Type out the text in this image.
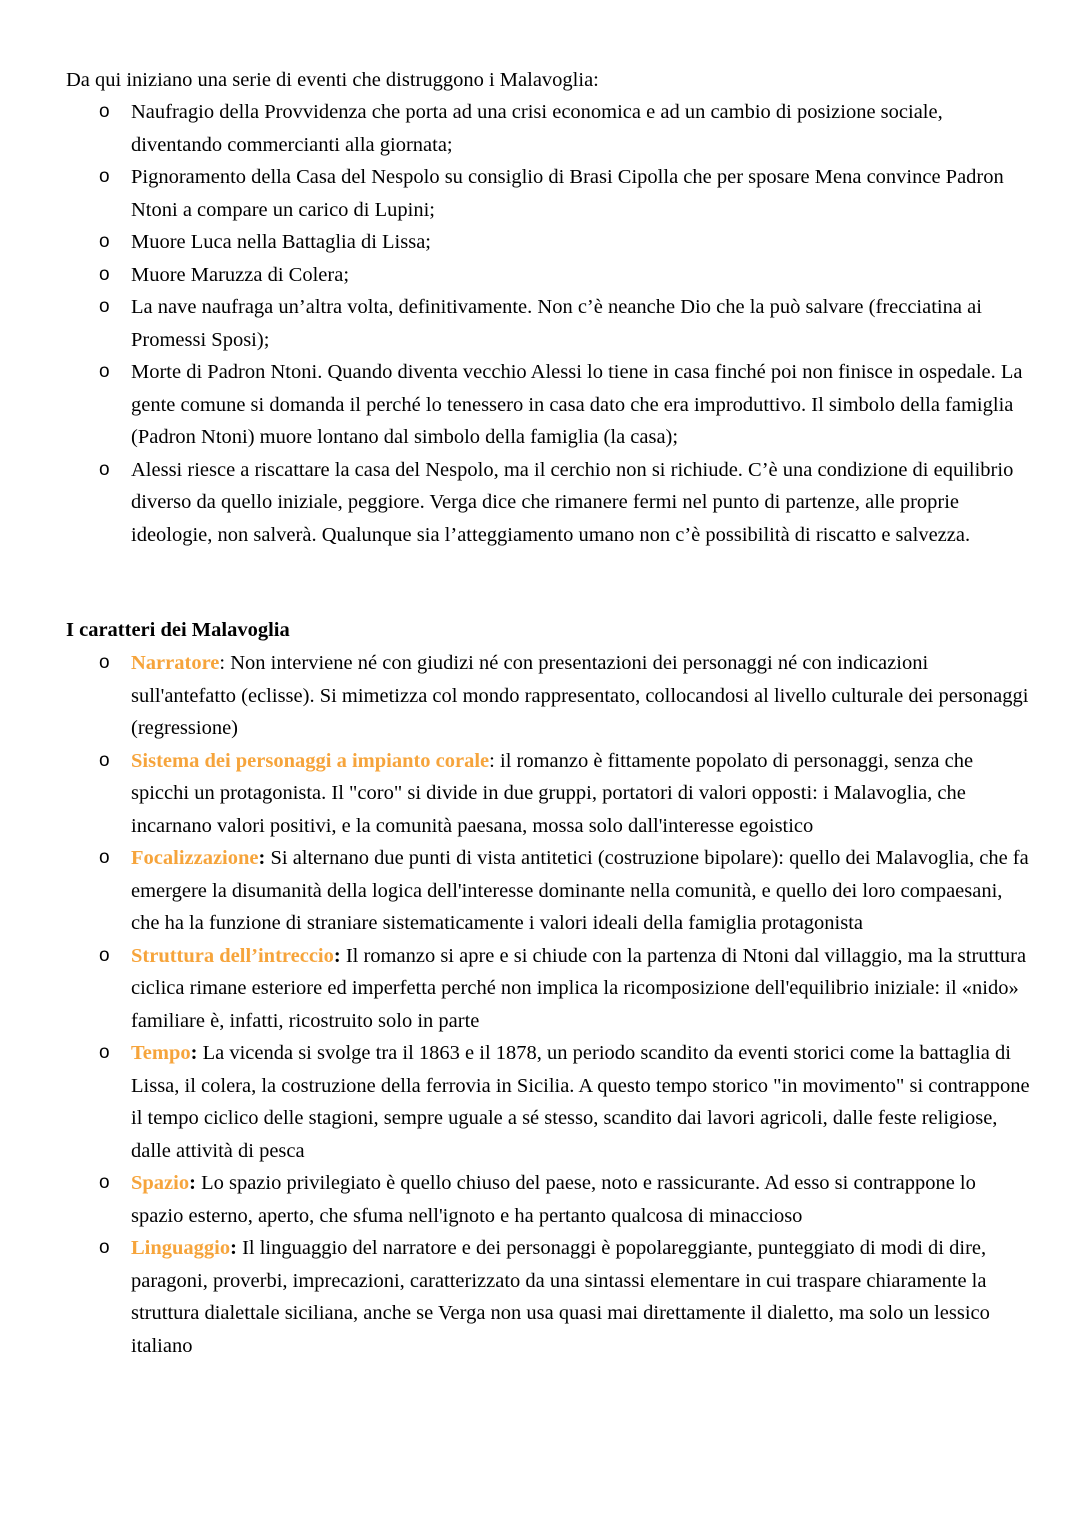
Da qui iniziano una serie di eventi che distruggono i Malavoglia:

o Naufragio della Provvidenza che porta ad una crisi economica e ad un cambio di posizione sociale, diventando commercianti alla giornata;
o Pignoramento della Casa del Nespolo su consiglio di Brasi Cipolla che per sposare Mena convince Padron Ntoni a compare un carico di Lupini;
o Muore Luca nella Battaglia di Lissa;
o Muore Maruzza di Colera;
o La nave naufraga un’altra volta, definitivamente. Non c’è neanche Dio che la può salvare (frecciatina ai Promessi Sposi);
o Morte di Padron Ntoni. Quando diventa vecchio Alessi lo tiene in casa finché poi non finisce in ospedale. La gente comune si domanda il perché lo tenessero in casa dato che era improduttivo. Il simbolo della famiglia (Padron Ntoni) muore lontano dal simbolo della famiglia (la casa);
o Alessi riesce a riscattare la casa del Nespolo, ma il cerchio non si richiude. C’è una condizione di equilibrio diverso da quello iniziale, peggiore. Verga dice che rimanere fermi nel punto di partenze, alle proprie ideologie, non salverà. Qualunque sia l’atteggiamento umano non c’è possibilità di riscatto e salvezza.
I caratteri dei Malavoglia
o Narratore: Non interviene né con giudizi né con presentazioni dei personaggi né con indicazioni sull'antefatto (eclisse). Si mimetizza col mondo rappresentato, collocandosi al livello culturale dei personaggi (regressione)
o Sistema dei personaggi a impianto corale: il romanzo è fittamente popolato di personaggi, senza che spicchi un protagonista. Il "coro" si divide in due gruppi, portatori di valori opposti: i Malavoglia, che incarnano valori positivi, e la comunità paesana, mossa solo dall'interesse egoistico
o Focalizzazione: Si alternano due punti di vista antitetici (costruzione bipolare): quello dei Malavoglia, che fa emergere la disumanità della logica dell'interesse dominante nella comunità, e quello dei loro compaesani, che ha la funzione di straniare sistematicamente i valori ideali della famiglia protagonista
o Struttura dell’intreccio: Il romanzo si apre e si chiude con la partenza di Ntoni dal villaggio, ma la struttura ciclica rimane esteriore ed imperfetta perché non implica la ricomposizione dell'equilibrio iniziale: il «nido» familiare è, infatti, ricostruito solo in parte
o Tempo: La vicenda si svolge tra il 1863 e il 1878, un periodo scandito da eventi storici come la battaglia di Lissa, il colera, la costruzione della ferrovia in Sicilia. A questo tempo storico "in movimento" si contrappone il tempo ciclico delle stagioni, sempre uguale a sé stesso, scandito dai lavori agricoli, dalle feste religiose, dalle attività di pesca
o Spazio: Lo spazio privilegiato è quello chiuso del paese, noto e rassicurante. Ad esso si contrappone lo spazio esterno, aperto, che sfuma nell'ignoto e ha pertanto qualcosa di minaccioso
o Linguaggio: Il linguaggio del narratore e dei personaggi è popolareggiante, punteggiato di modi di dire, paragoni, proverbi, imprecazioni, caratterizzato da una sintassi elementare in cui traspare chiaramente la struttura dialettale siciliana, anche se Verga non usa quasi mai direttamente il dialetto, ma solo un lessico italiano
